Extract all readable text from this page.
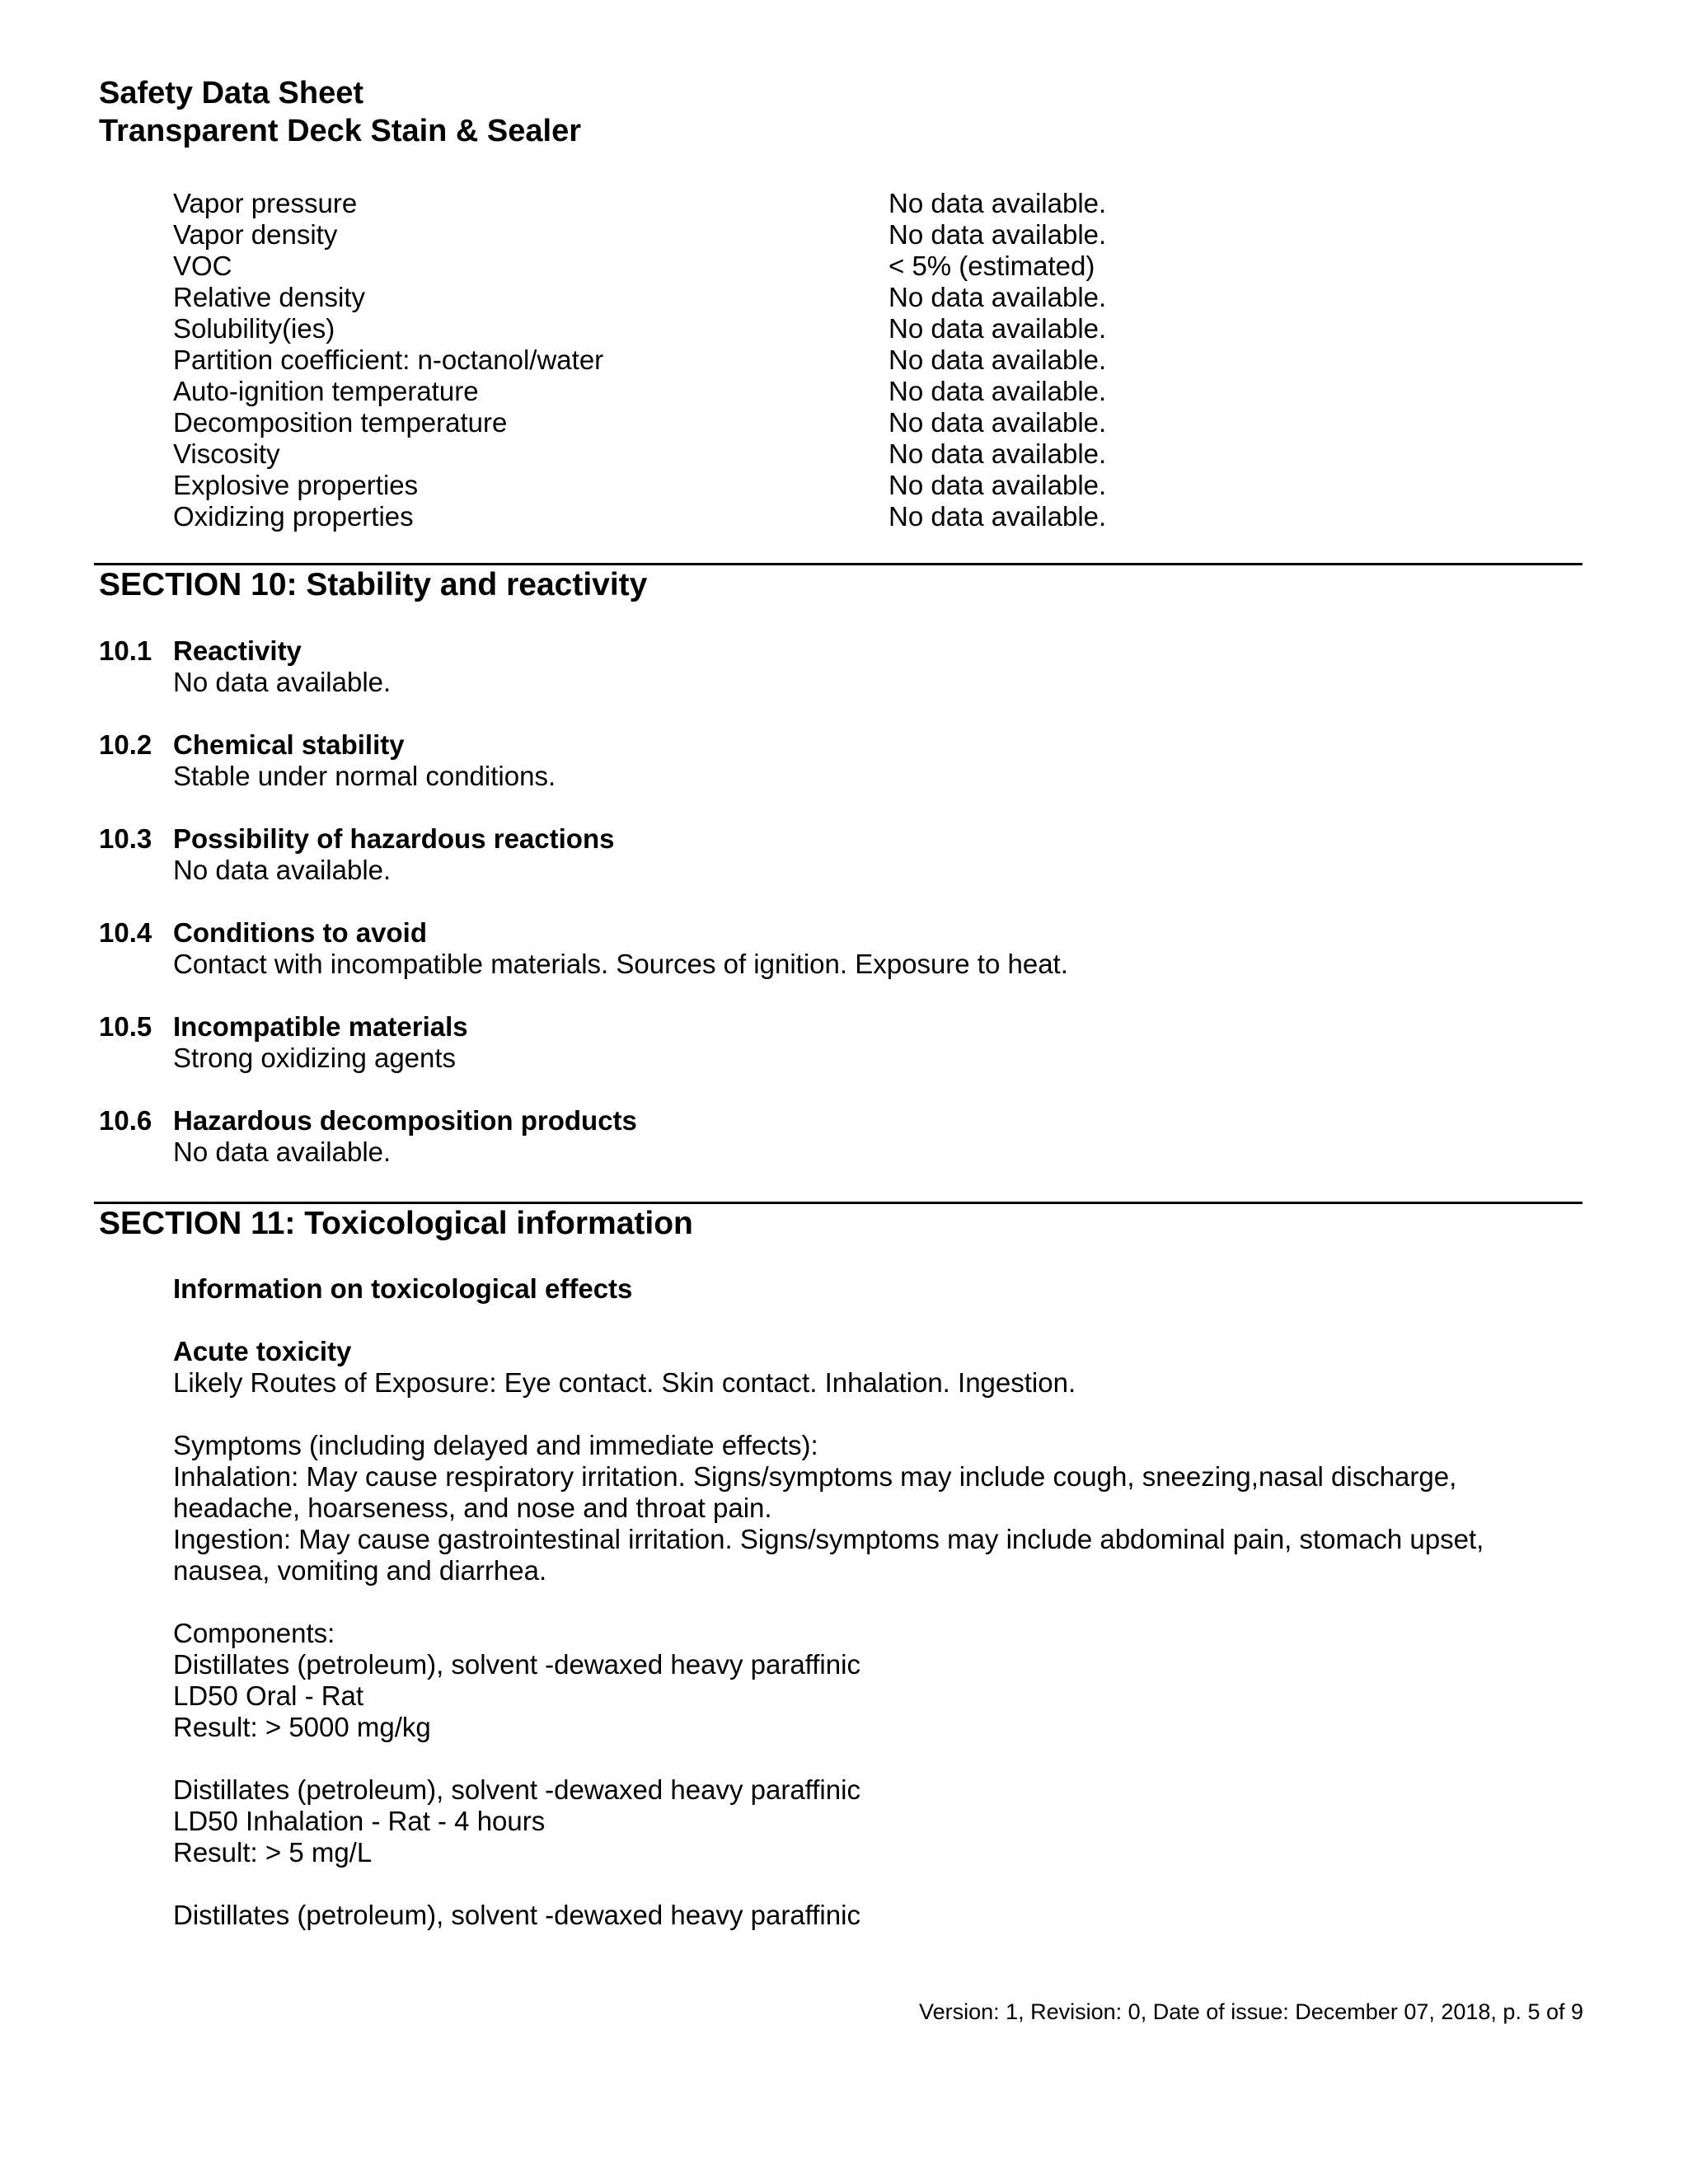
Safety Data Sheet
Transparent Deck Stain & Sealer
Vapor pressure	No data available.
Vapor density	No data available.
VOC	< 5% (estimated)
Relative density	No data available.
Solubility(ies)	No data available.
Partition coefficient: n-octanol/water	No data available.
Auto-ignition temperature	No data available.
Decomposition temperature	No data available.
Viscosity	No data available.
Explosive properties	No data available.
Oxidizing properties	No data available.
SECTION 10: Stability and reactivity
10.1 Reactivity
No data available.
10.2 Chemical stability
Stable under normal conditions.
10.3 Possibility of hazardous reactions
No data available.
10.4 Conditions to avoid
Contact with incompatible materials. Sources of ignition. Exposure to heat.
10.5 Incompatible materials
Strong oxidizing agents
10.6 Hazardous decomposition products
No data available.
SECTION 11: Toxicological information
Information on toxicological effects
Acute toxicity
Likely Routes of Exposure: Eye contact. Skin contact. Inhalation. Ingestion.
Symptoms (including delayed and immediate effects):
Inhalation: May cause respiratory irritation. Signs/symptoms may include cough, sneezing,nasal discharge,
headache, hoarseness, and nose and throat pain.
Ingestion: May cause gastrointestinal irritation. Signs/symptoms may include abdominal pain, stomach upset,
nausea, vomiting and diarrhea.
Components:
Distillates (petroleum), solvent -dewaxed heavy paraffinic
LD50 Oral - Rat
Result: > 5000 mg/kg
Distillates (petroleum), solvent -dewaxed heavy paraffinic
LD50 Inhalation - Rat - 4 hours
Result: > 5 mg/L
Distillates (petroleum), solvent -dewaxed heavy paraffinic
Version: 1, Revision: 0, Date of issue: December 07, 2018, p. 5 of 9
